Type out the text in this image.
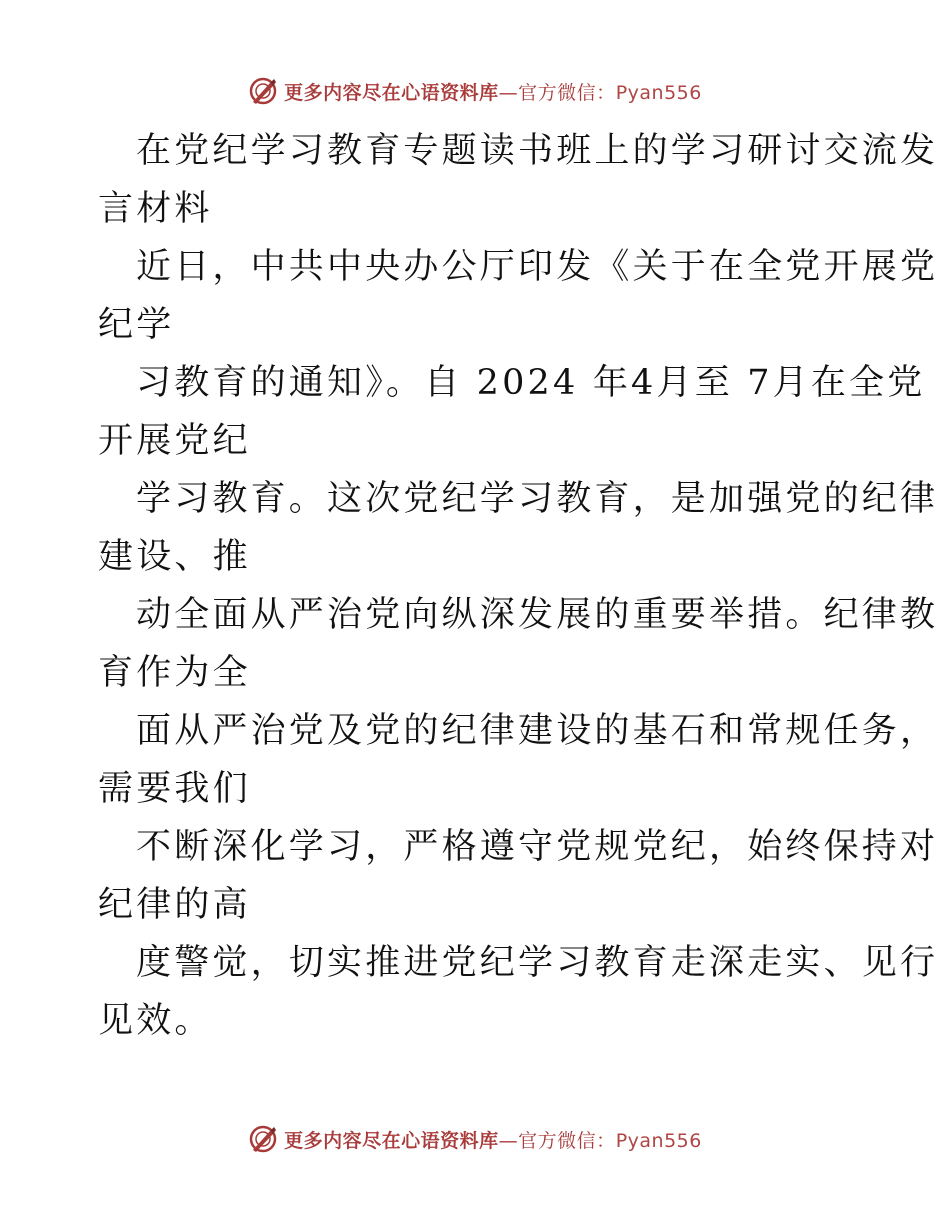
更多内容尽在心语资料库—官方微信：Pyan556
在党纪学习教育专题读书班上的学习研讨交流发
言材料
近日，中共中央办公厅印发《关于在全党开展党
纪学
习教育的通知》。自 2024 年4月至 7月在全党
开展党纪
学习教育。这次党纪学习教育，是加强党的纪律
建设、推
动全面从严治党向纵深发展的重要举措。纪律教
育作为全
面从严治党及党的纪律建设的基石和常规任务，
需要我们
不断深化学习，严格遵守党规党纪，始终保持对
纪律的高
度警觉，切实推进党纪学习教育走深走实、见行
见效。
更多内容尽在心语资料库—官方微信：Pyan556
